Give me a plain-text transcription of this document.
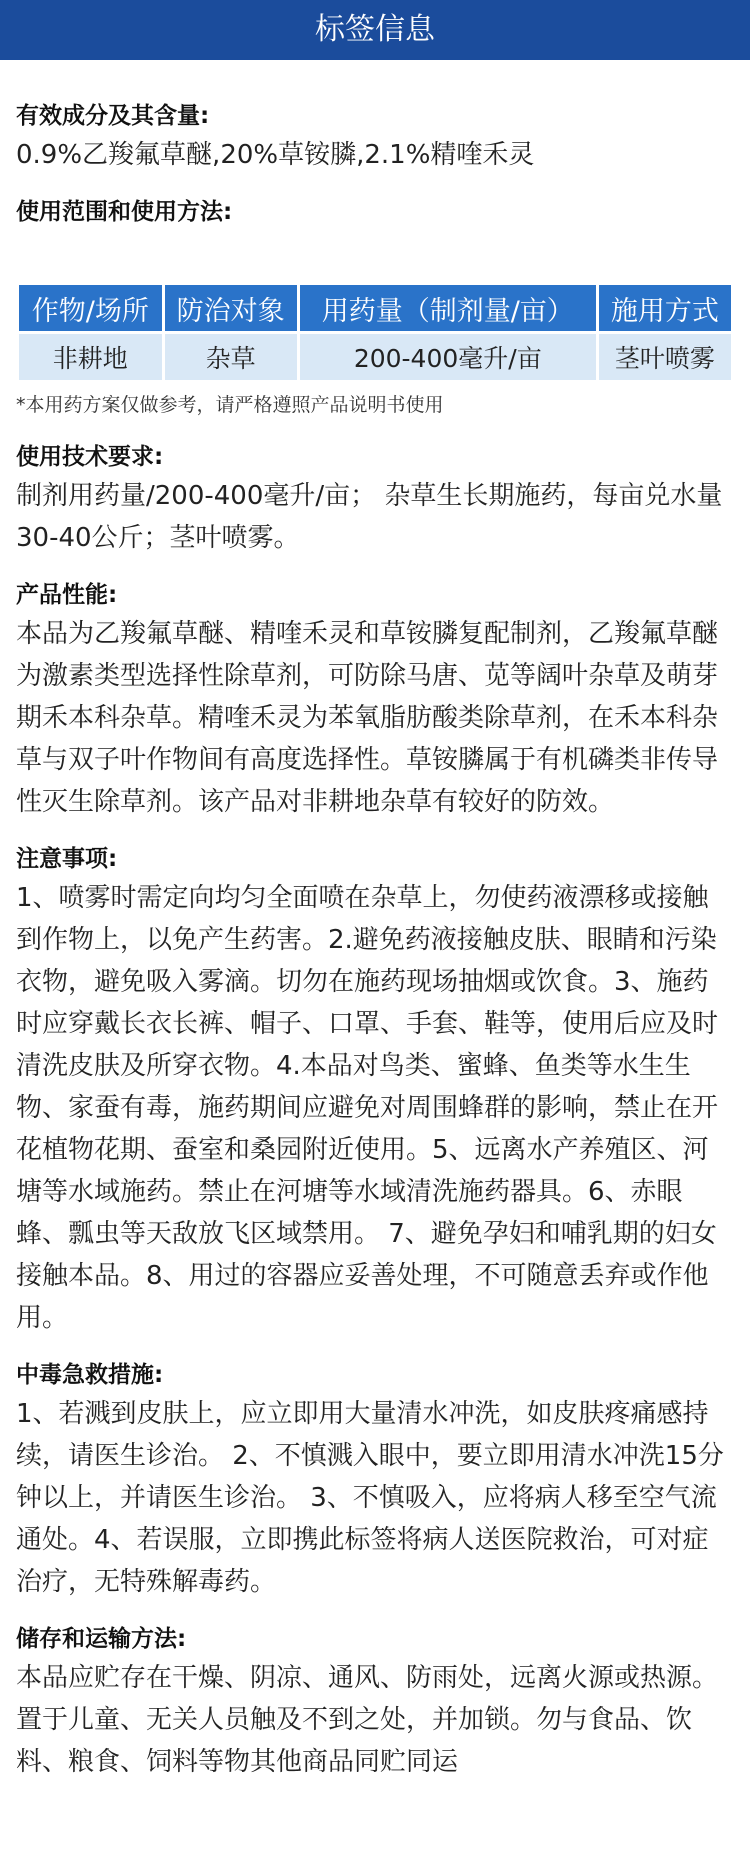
标签信息
有效成分及其含量:
0.9%乙羧氟草醚,20%草铵膦,2.1%精喹禾灵
使用范围和使用方法:
作物/场所	防治对象	用药量（制剂量/亩）	施用方式
非耕地	杂草	200-400毫升/亩	茎叶喷雾
*本用药方案仅做参考，请严格遵照产品说明书使用
使用技术要求:
制剂用药量/200-400毫升/亩； 杂草生长期施药，每亩兑水量30-40公斤；茎叶喷雾。
产品性能:
本品为乙羧氟草醚、精喹禾灵和草铵膦复配制剂，乙羧氟草醚为激素类型选择性除草剂，可防除马唐、苋等阔叶杂草及萌芽期禾本科杂草。精喹禾灵为苯氧脂肪酸类除草剂，在禾本科杂草与双子叶作物间有高度选择性。草铵膦属于有机磷类非传导性灭生除草剂。该产品对非耕地杂草有较好的防效。
注意事项:
1、喷雾时需定向均匀全面喷在杂草上，勿使药液漂移或接触到作物上，以免产生药害。2.避免药液接触皮肤、眼睛和污染衣物，避免吸入雾滴。切勿在施药现场抽烟或饮食。3、施药时应穿戴长衣长裤、帽子、口罩、手套、鞋等，使用后应及时清洗皮肤及所穿衣物。4.本品对鸟类、蜜蜂、鱼类等水生生物、家蚕有毒，施药期间应避免对周围蜂群的影响，禁止在开花植物花期、蚕室和桑园附近使用。5、远离水产养殖区、河塘等水域施药。禁止在河塘等水域清洗施药器具。6、赤眼蜂、瓢虫等天敌放飞区域禁用。 7、避免孕妇和哺乳期的妇女接触本品。8、用过的容器应妥善处理，不可随意丢弃或作他用。
中毒急救措施:
1、若溅到皮肤上，应立即用大量清水冲洗，如皮肤疼痛感持续，请医生诊治。 2、不慎溅入眼中，要立即用清水冲洗15分钟以上，并请医生诊治。 3、不慎吸入，应将病人移至空气流通处。4、若误服，立即携此标签将病人送医院救治，可对症治疗，无特殊解毒药。
储存和运输方法:
本品应贮存在干燥、阴凉、通风、防雨处，远离火源或热源。置于儿童、无关人员触及不到之处，并加锁。勿与食品、饮料、粮食、饲料等物其他商品同贮同运
